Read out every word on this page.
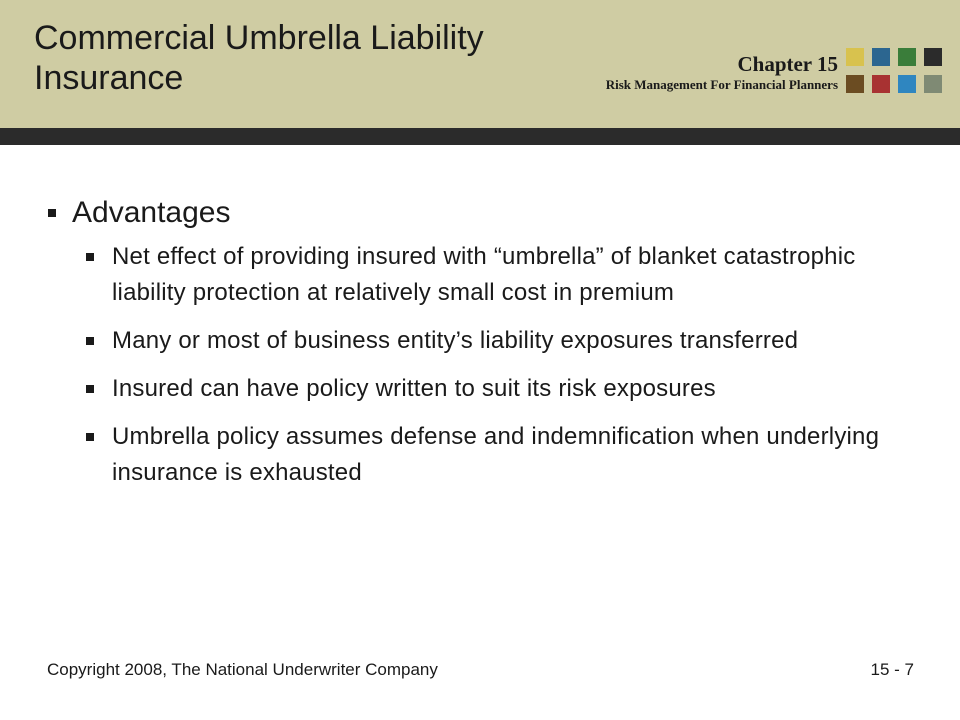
Commercial Umbrella Liability Insurance	Chapter 15
Risk Management For Financial Planners
Advantages
Net effect of providing insured with “umbrella” of blanket catastrophic liability protection at relatively small cost in premium
Many or most of business entity’s liability exposures transferred
Insured can have policy written to suit its risk exposures
Umbrella policy assumes defense and indemnification when underlying insurance is exhausted
Copyright 2008, The National Underwriter Company	15 - 7
